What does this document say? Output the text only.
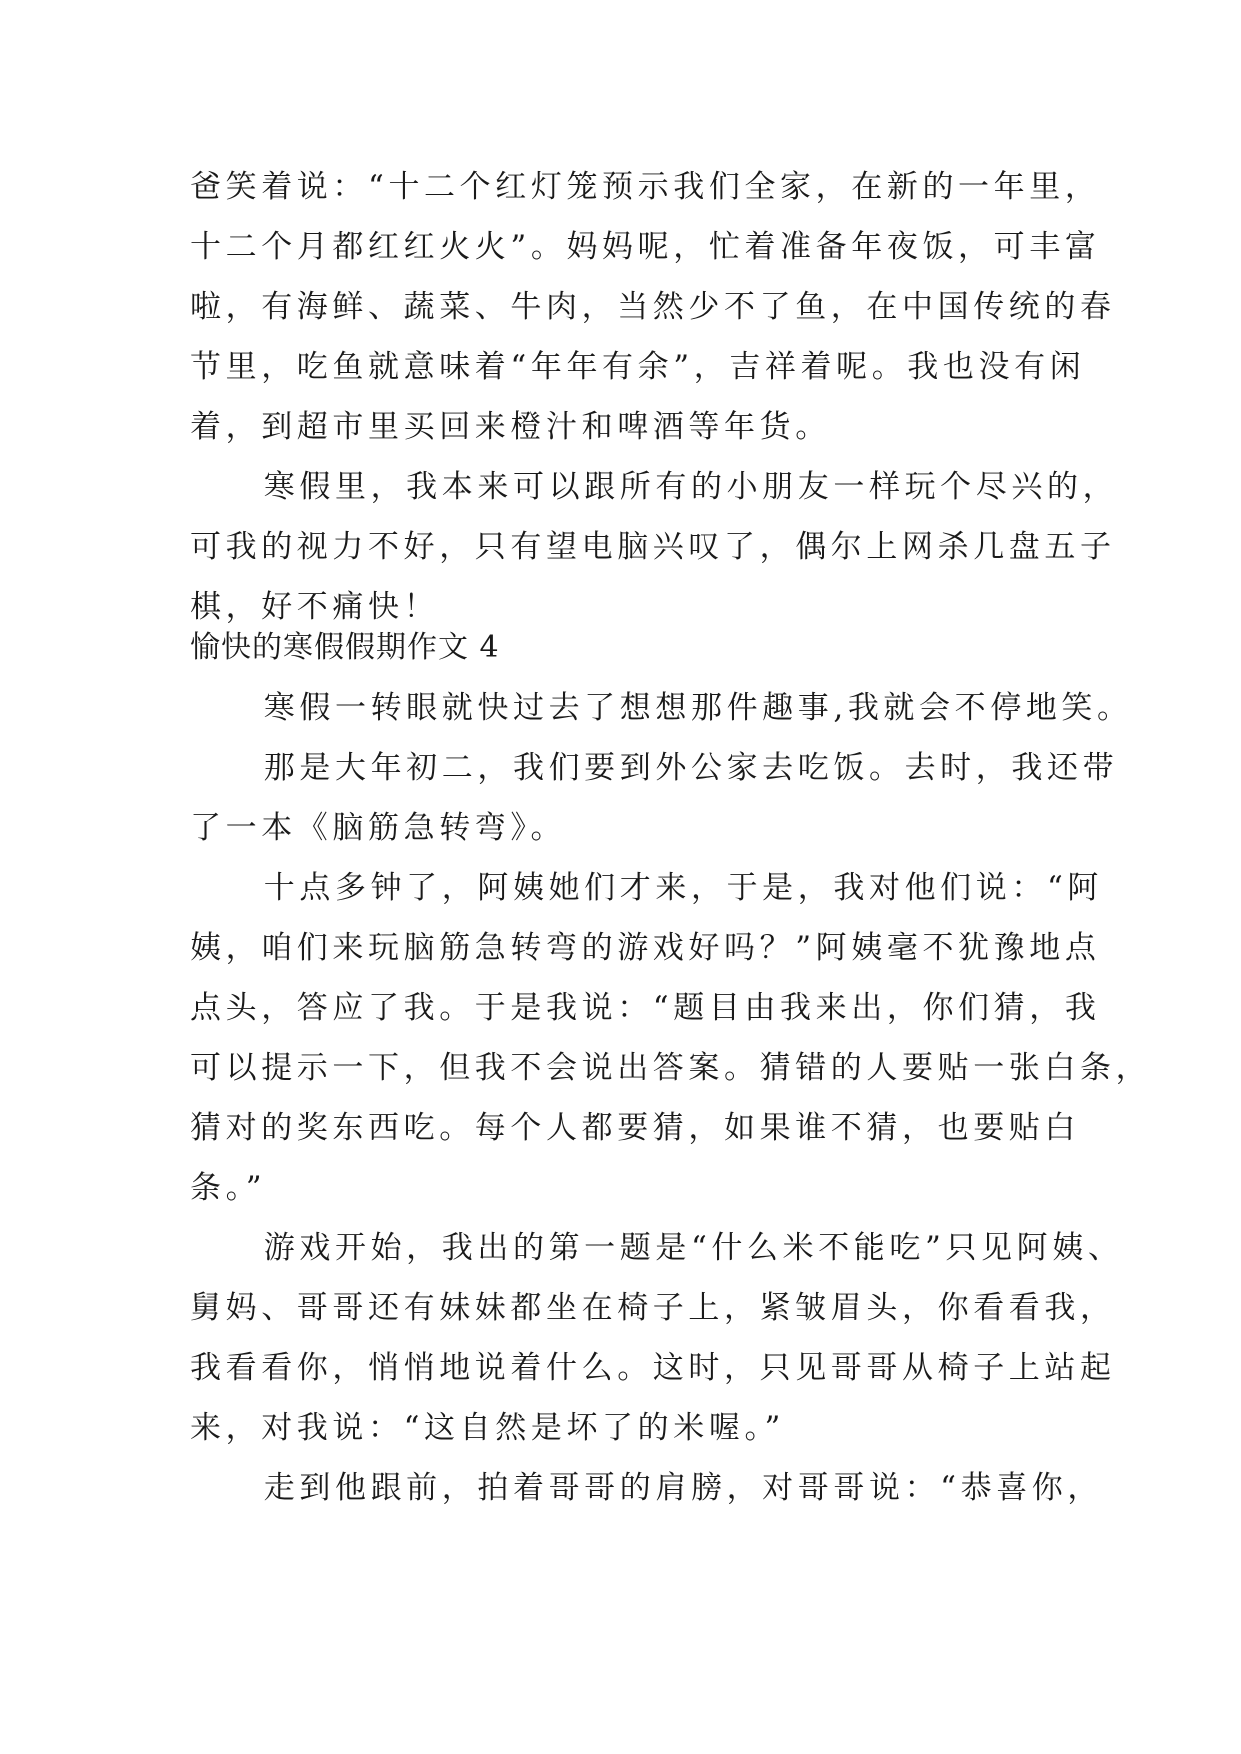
爸笑着说：“十二个红灯笼预示我们全家，在新的一年里，
十二个月都红红火火”。妈妈呢，忙着准备年夜饭，可丰富
啦，有海鲜、蔬菜、牛肉，当然少不了鱼，在中国传统的春
节里，吃鱼就意味着“年年有余”，吉祥着呢。我也没有闲
着，到超市里买回来橙汁和啤酒等年货。

寒假里，我本来可以跟所有的小朋友一样玩个尽兴的，
可我的视力不好，只有望电脑兴叹了，偶尔上网杀几盘五子
棋，好不痛快！

愉快的寒假假期作文 4

寒假一转眼就快过去了想想那件趣事,我就会不停地笑。

那是大年初二，我们要到外公家去吃饭。去时，我还带
了一本《脑筋急转弯》。

十点多钟了，阿姨她们才来，于是，我对他们说：“阿
姨，咱们来玩脑筋急转弯的游戏好吗？”阿姨毫不犹豫地点
点头，答应了我。于是我说：“题目由我来出，你们猜，我
可以提示一下，但我不会说出答案。猜错的人要贴一张白条，
猜对的奖东西吃。每个人都要猜，如果谁不猜，也要贴白
条。”

游戏开始，我出的第一题是“什么米不能吃”只见阿姨、
舅妈、哥哥还有妹妹都坐在椅子上，紧皱眉头，你看看我，
我看看你，悄悄地说着什么。这时，只见哥哥从椅子上站起
来，对我说：“这自然是坏了的米喔。”

走到他跟前，拍着哥哥的肩膀，对哥哥说：“恭喜你，
